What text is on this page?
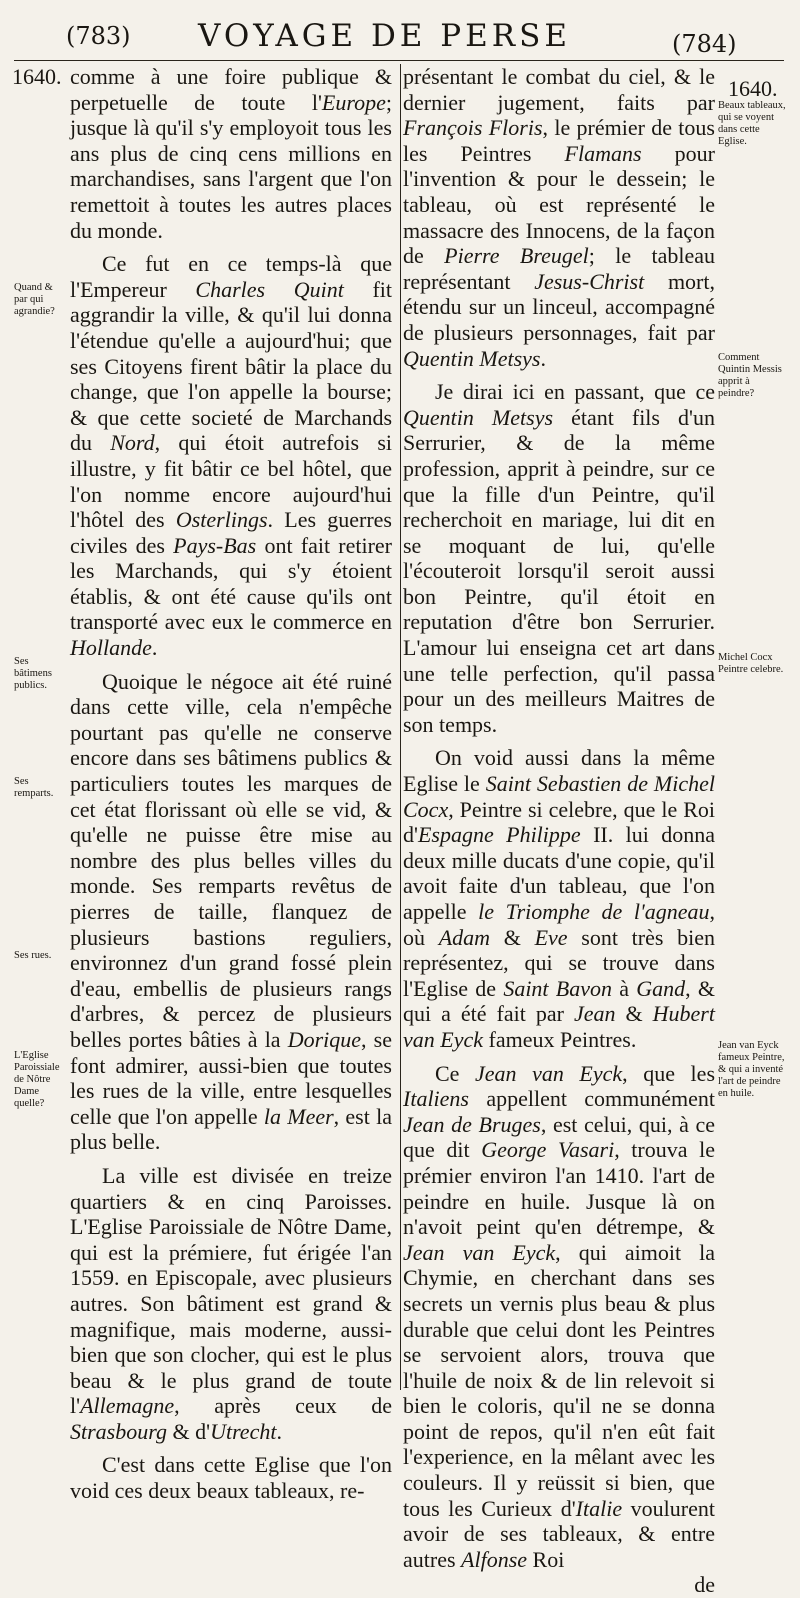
(783) VOYAGE DE PERSE	(784)
1640.	1640.
Quand & par qui agrandie?
Ses bâtimens publics.
Ses remparts.
Ses rues.
L'Eglise Paroissiale de Nôtre Dame quelle?
Beaux tableaux, qui se voyent dans cette Eglise.
Comment Quintin Messis apprit à peindre?
Michel Cocx Peintre celebre.
Jean van Eyck fameux Peintre, & qui a inventé l'art de peindre en huile.

comme à une foire publique & perpetuelle de toute l'Europe; jusque là qu'il s'y employoit tous les ans plus de cinq cens millions en marchandises, sans l'argent que l'on remettoit à toutes les autres places du monde.

Ce fut en ce temps-là que l'Empereur Charles Quint fit aggrandir la ville, & qu'il lui donna l'étendue qu'elle a aujourd'hui; que ses Citoyens firent bâtir la place du change, que l'on appelle la bourse; & que cette societé de Marchands du Nord, qui étoit autrefois si illustre, y fit bâtir ce bel hôtel, que l'on nomme encore aujourd'hui l'hôtel des Osterlings. Les guerres civiles des Pays-Bas ont fait retirer les Marchands, qui s'y étoient établis, & ont été cause qu'ils ont transporté avec eux le commerce en Hollande.

Quoique le négoce ait été ruiné dans cette ville, cela n'empêche pourtant pas qu'elle ne conserve encore dans ses bâtimens publics & particuliers toutes les marques de cet état florissant où elle se vid, & qu'elle ne puisse être mise au nombre des plus belles villes du monde. Ses remparts revêtus de pierres de taille, flanquez de plusieurs bastions reguliers, environnez d'un grand fossé plein d'eau, embellis de plusieurs rangs d'arbres, & percez de plusieurs belles portes bâties à la Dorique, se font admirer, aussi-bien que toutes les rues de la ville, entre lesquelles celle que l'on appelle la Meer, est la plus belle.

La ville est divisée en treize quartiers & en cinq Paroisses. L'Eglise Paroissiale de Nôtre Dame, qui est la prémiere, fut érigée l'an 1559. en Episcopale, avec plusieurs autres. Son bâtiment est grand & magnifique, mais moderne, aussi-bien que son clocher, qui est le plus beau & le plus grand de toute l'Allemagne, après ceux de Strasbourg & d'Utrecht.

C'est dans cette Eglise que l'on void ces deux beaux tableaux, re-

présentant le combat du ciel, & le dernier jugement, faits par François Floris, le prémier de tous les Peintres Flamans pour l'invention & pour le dessein; le tableau, où est représenté le massacre des Innocens, de la façon de Pierre Breugel; le tableau représentant Jesus-Christ mort, étendu sur un linceul, accompagné de plusieurs personnages, fait par Quentin Metsys.

Je dirai ici en passant, que ce Quentin Metsys étant fils d'un Serrurier, & de la même profession, apprit à peindre, sur ce que la fille d'un Peintre, qu'il recherchoit en mariage, lui dit en se moquant de lui, qu'elle l'écouteroit lorsqu'il seroit aussi bon Peintre, qu'il étoit en reputation d'être bon Serrurier. L'amour lui enseigna cet art dans une telle perfection, qu'il passa pour un des meilleurs Maitres de son temps.

On void aussi dans la même Eglise le Saint Sebastien de Michel Cocx, Peintre si celebre, que le Roi d'Espagne Philippe II. lui donna deux mille ducats d'une copie, qu'il avoit faite d'un tableau, que l'on appelle le Triomphe de l'agneau, où Adam & Eve sont très bien représentez, qui se trouve dans l'Eglise de Saint Bavon à Gand, & qui a été fait par Jean & Hubert van Eyck fameux Peintres.

Ce Jean van Eyck, que les Italiens appellent communément Jean de Bruges, est celui, qui, à ce que dit George Vasari, trouva le prémier environ l'an 1410. l'art de peindre en huile. Jusque là on n'avoit peint qu'en détrempe, & Jean van Eyck, qui aimoit la Chymie, en cherchant dans ses secrets un vernis plus beau & plus durable que celui dont les Peintres se servoient alors, trouva que l'huile de noix & de lin relevoit si bien le coloris, qu'il ne se donna point de repos, qu'il n'en eût fait l'experience, en la mêlant avec les couleurs. Il y reüssit si bien, que tous les Curieux d'Italie voulurent avoir de ses tableaux, & entre autres Alfonse Roi

de
